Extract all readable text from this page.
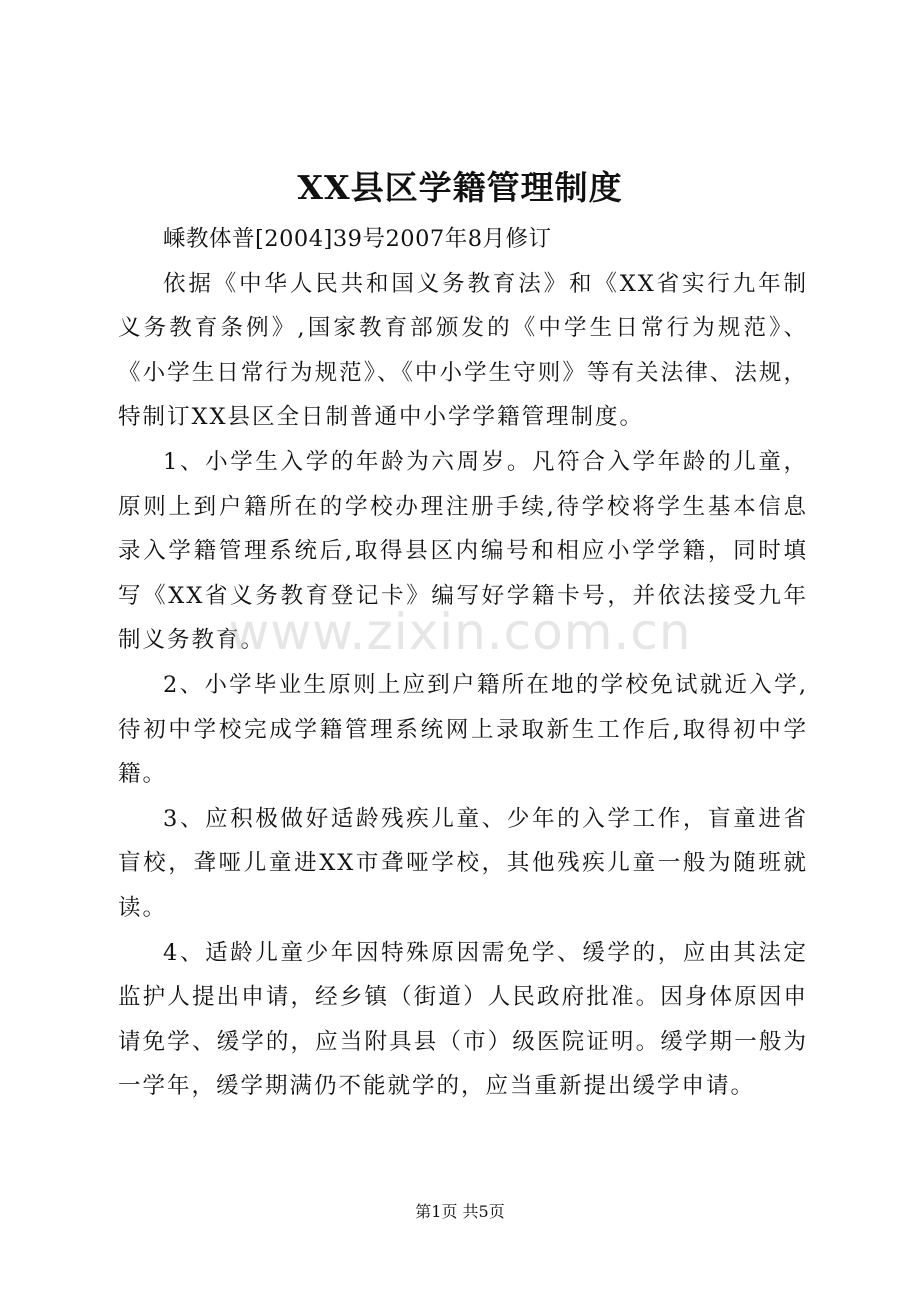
XX县区学籍管理制度

嵊教体普[2004]39号2007年8月修订

依据《中华人民共和国义务教育法》和《XX省实行九年制义务教育条例》,国家教育部颁发的《中学生日常行为规范》、《小学生日常行为规范》、《中小学生守则》等有关法律、法规，特制订XX县区全日制普通中小学学籍管理制度。

1、小学生入学的年龄为六周岁。凡符合入学年龄的儿童，原则上到户籍所在的学校办理注册手续,待学校将学生基本信息录入学籍管理系统后,取得县区内编号和相应小学学籍，同时填写《XX省义务教育登记卡》编写好学籍卡号，并依法接受九年制义务教育。

2、小学毕业生原则上应到户籍所在地的学校免试就近入学,待初中学校完成学籍管理系统网上录取新生工作后,取得初中学籍。

3、应积极做好适龄残疾儿童、少年的入学工作，盲童进省盲校，聋哑儿童进XX市聋哑学校，其他残疾儿童一般为随班就读。

4、适龄儿童少年因特殊原因需免学、缓学的，应由其法定监护人提出申请，经乡镇（街道）人民政府批准。因身体原因申请免学、缓学的，应当附具县（市）级医院证明。缓学期一般为一学年，缓学期满仍不能就学的，应当重新提出缓学申请。

www.zixin.com.cn
第1页 共5页
